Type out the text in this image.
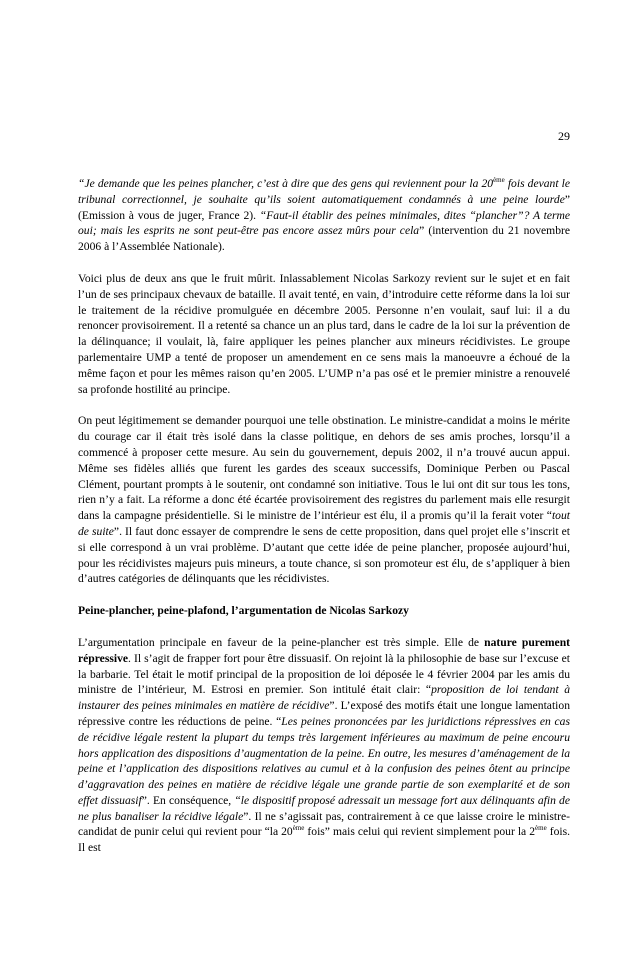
29

“Je demande que les peines plancher, c’est à dire que des gens qui reviennent pour la 20ème fois devant le tribunal correctionnel, je souhaite qu’ils soient automatiquement condamnés à une peine lourde” (Emission à vous de juger, France 2). “Faut-il établir des peines minimales, dites “plancher”? A terme oui; mais les esprits ne sont peut-être pas encore assez mûrs pour cela” (intervention du 21 novembre 2006 à l’Assemblée Nationale).

Voici plus de deux ans que le fruit mûrit. Inlassablement Nicolas Sarkozy revient sur le sujet et en fait l’un de ses principaux chevaux de bataille. Il avait tenté, en vain, d’introduire cette réforme dans la loi sur le traitement de la récidive promulguée en décembre 2005. Personne n’en voulait, sauf lui: il a du renoncer provisoirement. Il a retenté sa chance un an plus tard, dans le cadre de la loi sur la prévention de la délinquance; il voulait, là, faire appliquer les peines plancher aux mineurs récidivistes. Le groupe parlementaire UMP a tenté de proposer un amendement en ce sens mais la manoeuvre a échoué de la même façon et pour les mêmes raison qu’en 2005. L’UMP n’a pas osé et le premier ministre a renouvelé sa profonde hostilité au principe.

On peut légitimement se demander pourquoi une telle obstination. Le ministre-candidat a moins le mérite du courage car il était très isolé dans la classe politique, en dehors de ses amis proches, lorsqu’il a commencé à proposer cette mesure. Au sein du gouvernement, depuis 2002, il n’a trouvé aucun appui. Même ses fidèles alliés que furent les gardes des sceaux successifs, Dominique Perben ou Pascal Clément, pourtant prompts à le soutenir, ont condamné son initiative. Tous le lui ont dit sur tous les tons, rien n’y a fait. La réforme a donc été écartée provisoirement des registres du parlement mais elle resurgit dans la campagne présidentielle. Si le ministre de l’intérieur est élu, il a promis qu’il la ferait voter “tout de suite”. Il faut donc essayer de comprendre le sens de cette proposition, dans quel projet elle s’inscrit et si elle correspond à un vrai problème. D’autant que cette idée de peine plancher, proposée aujourd’hui, pour les récidivistes majeurs puis mineurs, a toute chance, si son promoteur est élu, de s’appliquer à bien d’autres catégories de délinquants que les récidivistes.

Peine-plancher, peine-plafond, l’argumentation de Nicolas Sarkozy

L’argumentation principale en faveur de la peine-plancher est très simple. Elle de nature purement répressive. Il s’agit de frapper fort pour être dissuasif. On rejoint là la philosophie de base sur l’excuse et la barbarie. Tel était le motif principal de la proposition de loi déposée le 4 février 2004 par les amis du ministre de l’intérieur, M. Estrosi en premier. Son intitulé était clair: “proposition de loi tendant à instaurer des peines minimales en matière de récidive”. L’exposé des motifs était une longue lamentation répressive contre les réductions de peine. “Les peines prononcées par les juridictions répressives en cas de récidive légale restent la plupart du temps très largement inférieures au maximum de peine encouru hors application des dispositions d’augmentation de la peine. En outre, les mesures d’aménagement de la peine et l’application des dispositions relatives au cumul et à la confusion des peines ôtent au principe d’aggravation des peines en matière de récidive légale une grande partie de son exemplarité et de son effet dissuasif”. En conséquence, “le dispositif proposé adressait un message fort aux délinquants afin de ne plus banaliser la récidive légale”. Il ne s’agissait pas, contrairement à ce que laisse croire le ministre-candidat de punir celui qui revient pour “la 20ème fois” mais celui qui revient simplement pour la 2ème fois. Il est
